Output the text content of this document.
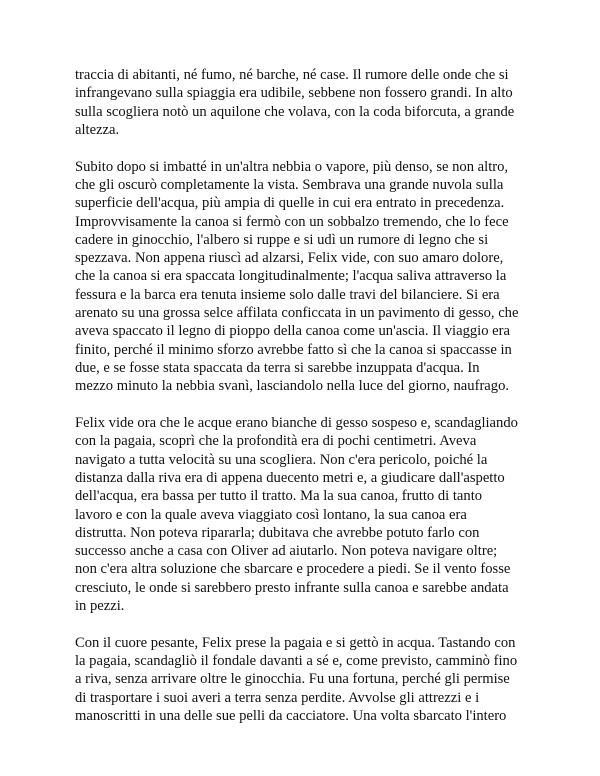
traccia di abitanti, né fumo, né barche, né case. Il rumore delle onde che si
infrangevano sulla spiaggia era udibile, sebbene non fossero grandi. In alto
sulla scogliera notò un aquilone che volava, con la coda biforcuta, a grande
altezza.

Subito dopo si imbatté in un'altra nebbia o vapore, più denso, se non altro,
che gli oscurò completamente la vista. Sembrava una grande nuvola sulla
superficie dell'acqua, più ampia di quelle in cui era entrato in precedenza.
Improvvisamente la canoa si fermò con un sobbalzo tremendo, che lo fece
cadere in ginocchio, l'albero si ruppe e si udì un rumore di legno che si
spezzava. Non appena riuscì ad alzarsi, Felix vide, con suo amaro dolore,
che la canoa si era spaccata longitudinalmente; l'acqua saliva attraverso la
fessura e la barca era tenuta insieme solo dalle travi del bilanciere. Si era
arenato su una grossa selce affilata conficcata in un pavimento di gesso, che
aveva spaccato il legno di pioppo della canoa come un'ascia. Il viaggio era
finito, perché il minimo sforzo avrebbe fatto sì che la canoa si spaccasse in
due, e se fosse stata spaccata da terra si sarebbe inzuppata d'acqua. In
mezzo minuto la nebbia svanì, lasciandolo nella luce del giorno, naufrago.

Felix vide ora che le acque erano bianche di gesso sospeso e, scandagliando
con la pagaia, scoprì che la profondità era di pochi centimetri. Aveva
navigato a tutta velocità su una scogliera. Non c'era pericolo, poiché la
distanza dalla riva era di appena duecento metri e, a giudicare dall'aspetto
dell'acqua, era bassa per tutto il tratto. Ma la sua canoa, frutto di tanto
lavoro e con la quale aveva viaggiato così lontano, la sua canoa era
distrutta. Non poteva ripararla; dubitava che avrebbe potuto farlo con
successo anche a casa con Oliver ad aiutarlo. Non poteva navigare oltre;
non c'era altra soluzione che sbarcare e procedere a piedi. Se il vento fosse
cresciuto, le onde si sarebbero presto infrante sulla canoa e sarebbe andata
in pezzi.

Con il cuore pesante, Felix prese la pagaia e si gettò in acqua. Tastando con
la pagaia, scandagliò il fondale davanti a sé e, come previsto, camminò fino
a riva, senza arrivare oltre le ginocchia. Fu una fortuna, perché gli permise
di trasportare i suoi averi a terra senza perdite. Avvolse gli attrezzi e i
manoscritti in una delle sue pelli da cacciatore. Una volta sbarcato l'intero
